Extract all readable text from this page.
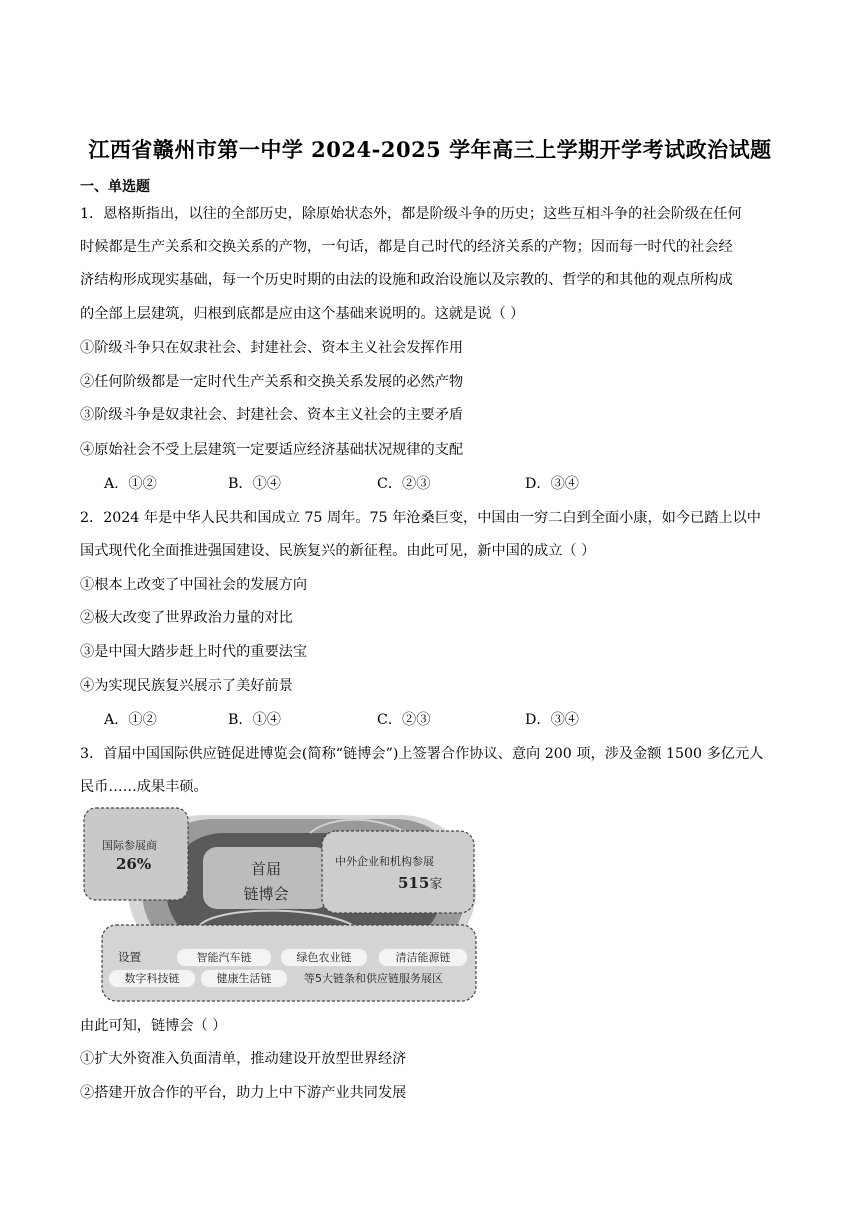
江西省赣州市第一中学 2024-2025 学年高三上学期开学考试政治试题
一、单选题
1．恩格斯指出，以往的全部历史，除原始状态外，都是阶级斗争的历史；这些互相斗争的社会阶级在任何
时候都是生产关系和交换关系的产物，一句话，都是自己时代的经济关系的产物；因而每一时代的社会经
济结构形成现实基础，每一个历史时期的由法的设施和政治设施以及宗教的、哲学的和其他的观点所构成
的全部上层建筑，归根到底都是应由这个基础来说明的。这就是说（ ）
①阶级斗争只在奴隶社会、封建社会、资本主义社会发挥作用
②任何阶级都是一定时代生产关系和交换关系发展的必然产物
③阶级斗争是奴隶社会、封建社会、资本主义社会的主要矛盾
④原始社会不受上层建筑一定要适应经济基础状况规律的支配
A．①②	B．①④	C．②③	D．③④
2．2024 年是中华人民共和国成立 75 周年。75 年沧桑巨变，中国由一穷二白到全面小康，如今已踏上以中
国式现代化全面推进强国建设、民族复兴的新征程。由此可见，新中国的成立（ ）
①根本上改变了中国社会的发展方向
②极大改变了世界政治力量的对比
③是中国大踏步赶上时代的重要法宝
④为实现民族复兴展示了美好前景
A．①②	B．①④	C．②③	D．③④
3．首届中国国际供应链促进博览会(简称“链博会”)上签署合作协议、意向 200 项，涉及金额 1500 多亿元人
民币……成果丰硕。
国际参展商
26%	首届
链博会
中外企业和机构参展
515家
设置	智能汽车链	绿色农业链	清洁能源链
数字科技链	健康生活链	等5大链条和供应链服务展区
由此可知，链博会（ ）
①扩大外资准入负面清单，推动建设开放型世界经济
②搭建开放合作的平台，助力上中下游产业共同发展
